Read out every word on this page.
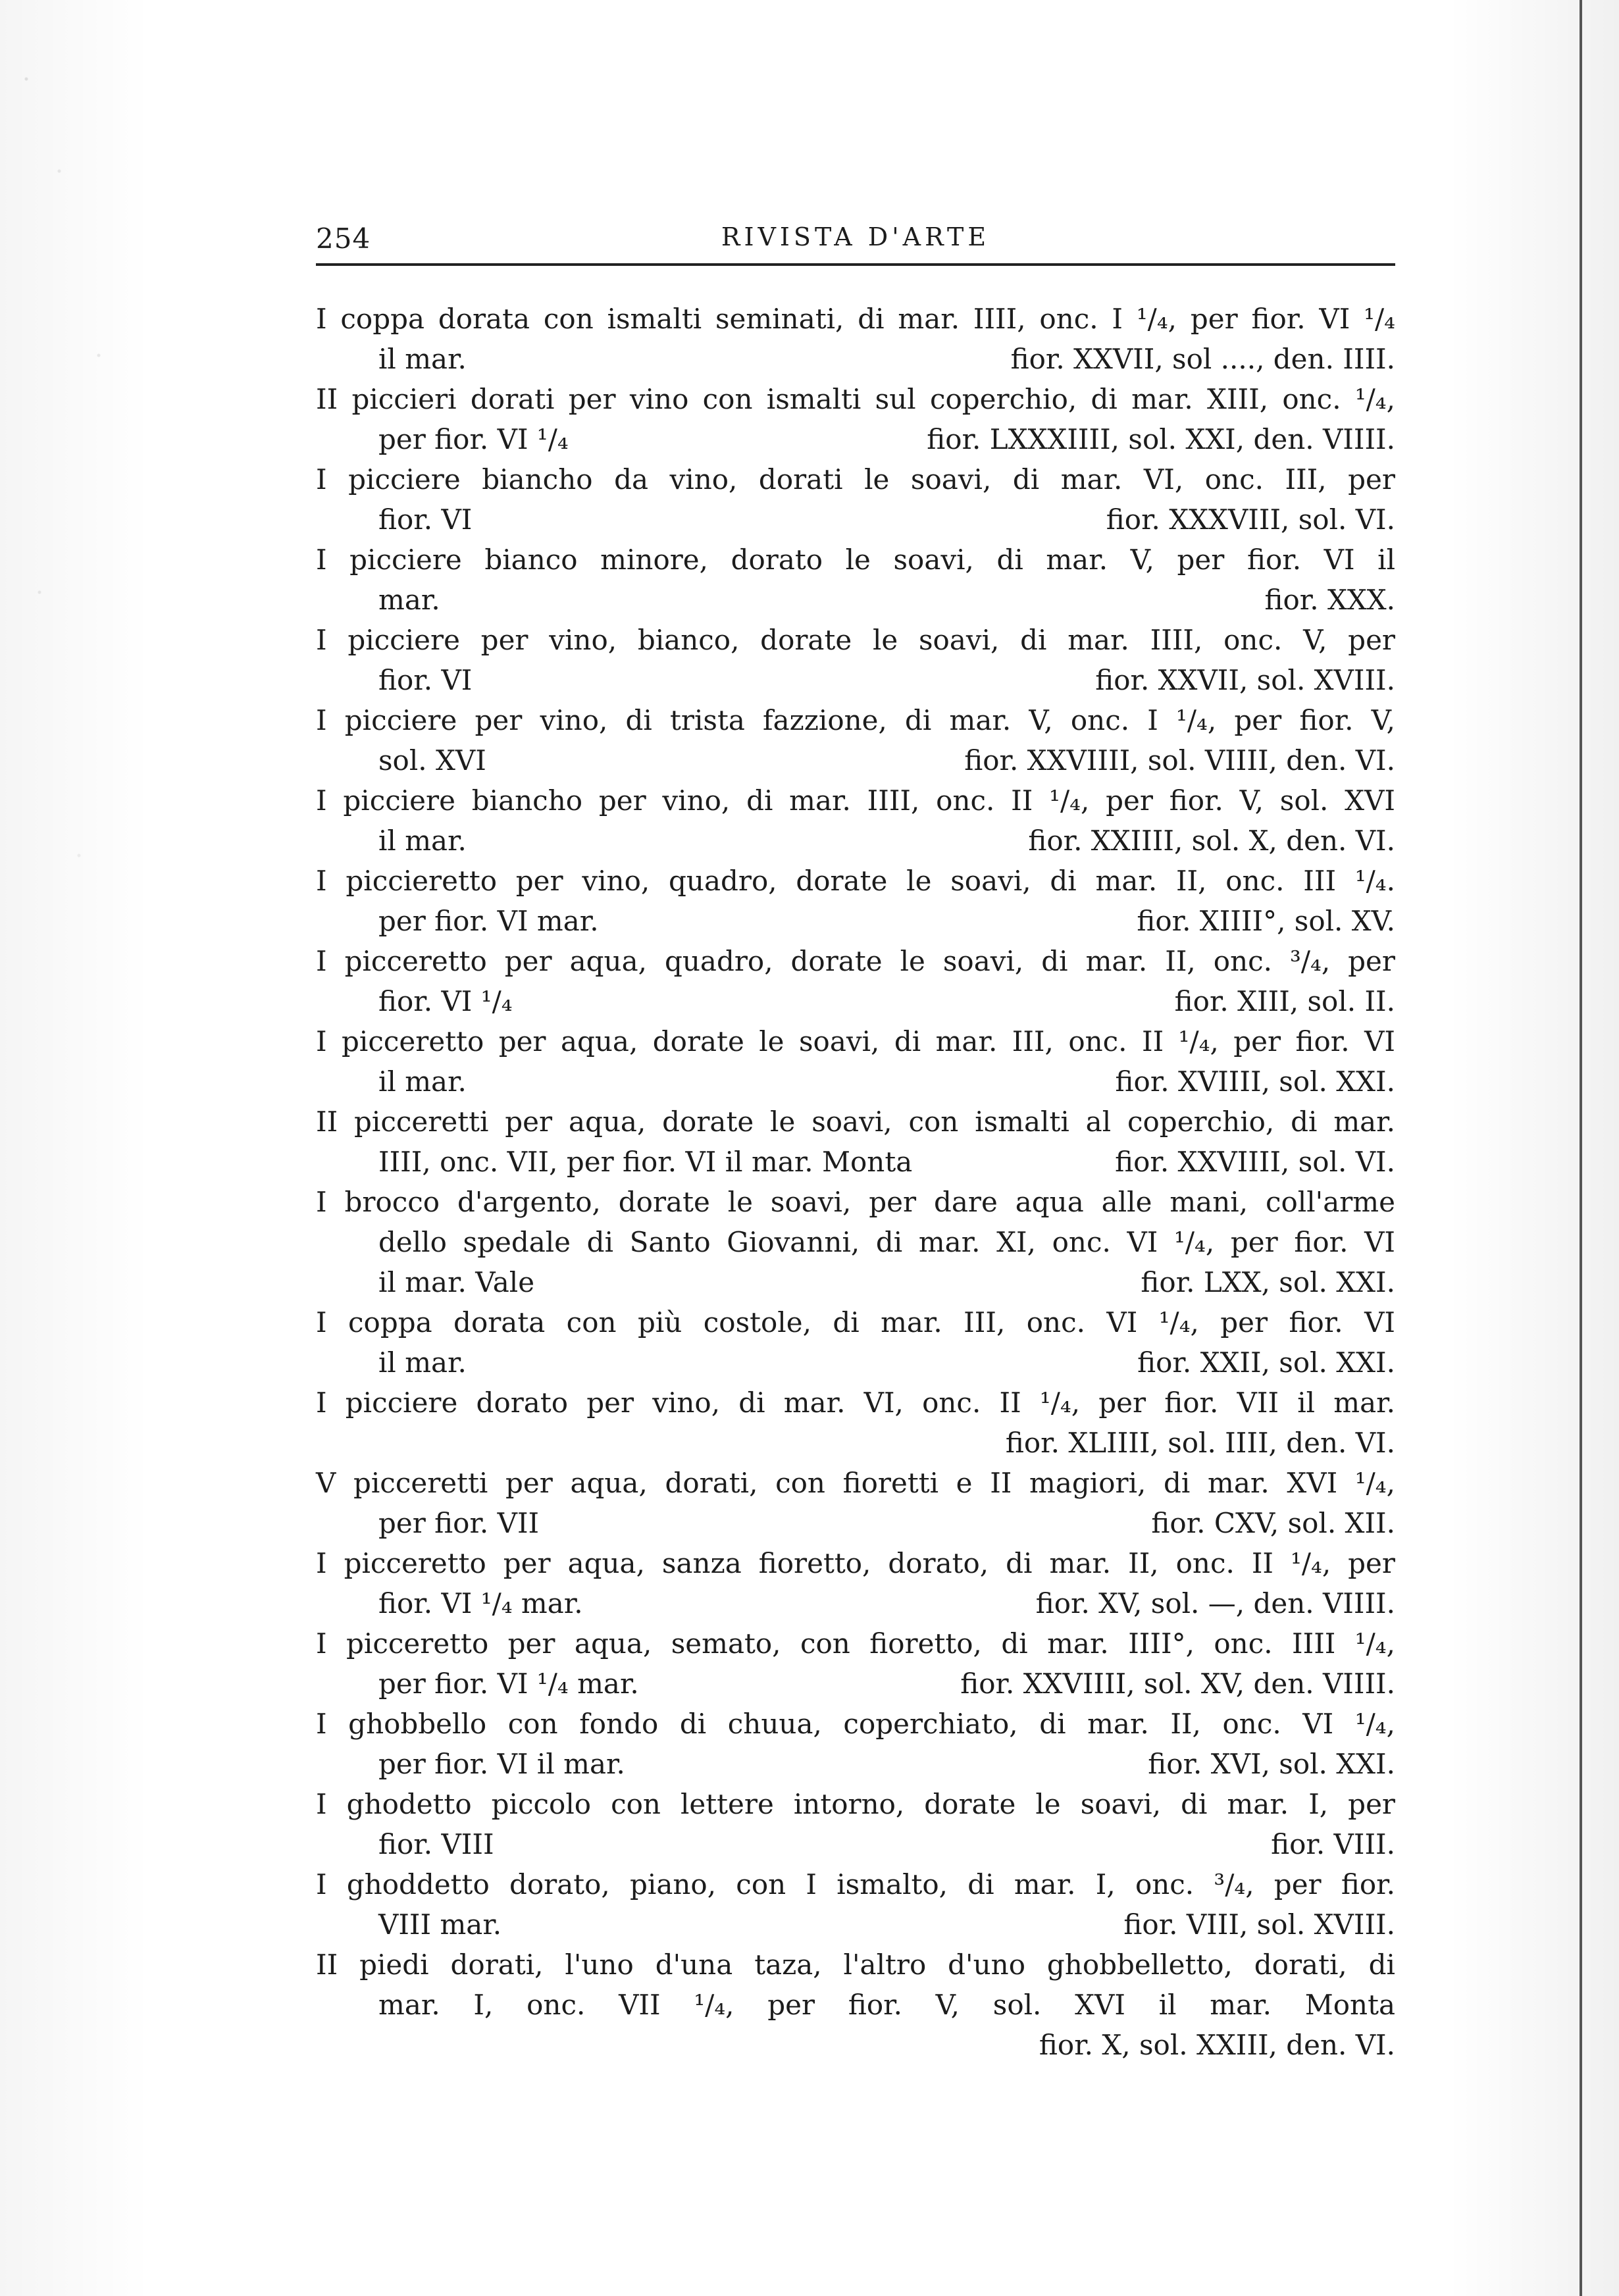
254	RIVISTA D'ARTE
I coppa dorata con ismalti seminati, di mar. IIII, onc. I ¹/₄, per fior. VI ¹/₄
il mar.	fior. XXVII, sol ...., den. IIII.
II piccieri dorati per vino con ismalti sul coperchio, di mar. XIII, onc. ¹/₄,
per fior. VI ¹/₄	fior. LXXXIIII, sol. XXI, den. VIIII.
I picciere biancho da vino, dorati le soavi, di mar. VI, onc. III, per
fior. VI	fior. XXXVIII, sol. VI.
I picciere bianco minore, dorato le soavi, di mar. V, per fior. VI il
mar.	fior. XXX.
I picciere per vino, bianco, dorate le soavi, di mar. IIII, onc. V, per
fior. VI	fior. XXVII, sol. XVIII.
I picciere per vino, di trista fazzione, di mar. V, onc. I ¹/₄, per fior. V,
sol. XVI	fior. XXVIIII, sol. VIIII, den. VI.
I picciere biancho per vino, di mar. IIII, onc. II ¹/₄, per fior. V, sol. XVI
il mar.	fior. XXIIII, sol. X, den. VI.
I piccieretto per vino, quadro, dorate le soavi, di mar. II, onc. III ¹/₄.
per fior. VI mar.	fior. XIIII°, sol. XV.
I picceretto per aqua, quadro, dorate le soavi, di mar. II, onc. ³/₄, per
fior. VI ¹/₄	fior. XIII, sol. II.
I picceretto per aqua, dorate le soavi, di mar. III, onc. II ¹/₄, per fior. VI
il mar.	fior. XVIIII, sol. XXI.
II picceretti per aqua, dorate le soavi, con ismalti al coperchio, di mar.
IIII, onc. VII, per fior. VI il mar. Monta	fior. XXVIIII, sol. VI.
I brocco d'argento, dorate le soavi, per dare aqua alle mani, coll'arme
dello spedale di Santo Giovanni, di mar. XI, onc. VI ¹/₄, per fior. VI
il mar. Vale	fior. LXX, sol. XXI.
I coppa dorata con più costole, di mar. III, onc. VI ¹/₄, per fior. VI
il mar.	fior. XXII, sol. XXI.
I picciere dorato per vino, di mar. VI, onc. II ¹/₄, per fior. VII il mar.
fior. XLIIII, sol. IIII, den. VI.
V picceretti per aqua, dorati, con fioretti e II magiori, di mar. XVI ¹/₄,
per fior. VII	fior. CXV, sol. XII.
I picceretto per aqua, sanza fioretto, dorato, di mar. II, onc. II ¹/₄, per
fior. VI ¹/₄ mar.	fior. XV, sol. —, den. VIIII.
I picceretto per aqua, semato, con fioretto, di mar. IIII°, onc. IIII ¹/₄,
per fior. VI ¹/₄ mar.	fior. XXVIIII, sol. XV, den. VIIII.
I ghobbello con fondo di chuua, coperchiato, di mar. II, onc. VI ¹/₄,
per fior. VI il mar.	fior. XVI, sol. XXI.
I ghodetto piccolo con lettere intorno, dorate le soavi, di mar. I, per
fior. VIII	fior. VIII.
I ghoddetto dorato, piano, con I ismalto, di mar. I, onc. ³/₄, per fior.
VIII mar.	fior. VIII, sol. XVIII.
II piedi dorati, l'uno d'una taza, l'altro d'uno ghobbelletto, dorati, di
mar. I, onc. VII ¹/₄, per fior. V, sol. XVI il mar. Monta
fior. X, sol. XXIII, den. VI.
